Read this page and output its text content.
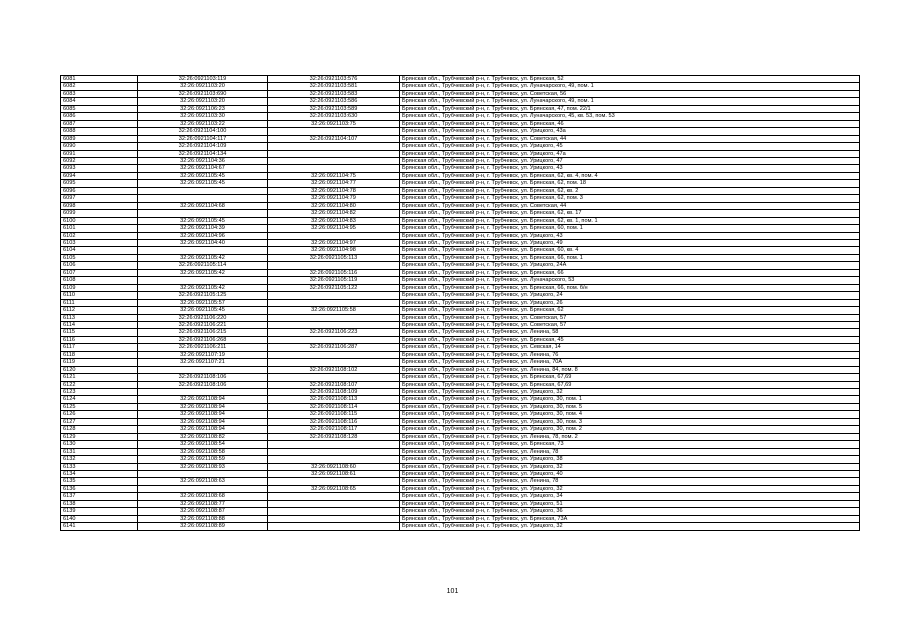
6081	32:26:0921103:119	32:26:0921103:576	Брянская обл., Трубчевский р-н, г. Трубчевск, ул. Брянская, 52
6082	32:26:0921103:20	32:26:0921103:581	Брянская обл., Трубчевский р-н, г. Трубчевск, ул. Луначарского, 49, пом. 1
6083	32:26:0921103:690	32:26:0921103:583	Брянская обл., Трубчевский р-н, г. Трубчевск, ул. Советская, 56
6084	32:26:0921103:20	32:26:0921103:586	Брянская обл., Трубчевский р-н, г. Трубчевск, ул. Луначарского, 49, пом. 1
6085	32:26:0921106:23	32:26:0921103:589	Брянская обл., Трубчевский р-н, г. Трубчевск, ул. Брянская, 47, пом. 22/1
6086	32:26:0921103:30	32:26:0921103:630	Брянская обл., Трубчевский р-н, г. Трубчевск, ул. Луначарского, 45, кв. 53, пом. 53
6087	32:26:0921103:22	32:26:0921103:75	Брянская обл., Трубчевский р-н, г. Трубчевск, ул. Брянская, 46
6088	32:26:0921104:100		Брянская обл., Трубчевский р-н, г. Трубчевск, ул. Урицкого, 43а
6089	32:26:0921104:117	32:26:0921104:107	Брянская обл., Трубчевский р-н, г. Трубчевск, ул. Советская, 44
6090	32:26:0921104:109		Брянская обл., Трубчевский р-н, г. Трубчевск, ул. Урицкого, 45
6091	32:26:0921104:134		Брянская обл., Трубчевский р-н, г. Трубчевск, ул. Урицкого, 47а
6092	32:26:0921104:36		Брянская обл., Трубчевский р-н, г. Трубчевск, ул. Урицкого, 47
6093	32:26:0921104:67		Брянская обл., Трубчевский р-н, г. Трубчевск, ул. Урицкого, 43
6094	32:26:0921105:45	32:26:0921104:75	Брянская обл., Трубчевский р-н, г. Трубчевск, ул. Брянская, 62, кв. 4, пом. 4
6095	32:26:0921105:45	32:26:0921104:77	Брянская обл., Трубчевский р-н, г. Трубчевск, ул. Брянская, 62, пом. 18
6096		32:26:0921104:78	Брянская обл., Трубчевский р-н, г. Трубчевск, ул. Брянская, 62, кв. 2
6097		32:26:0921104:79	Брянская обл., Трубчевский р-н, г. Трубчевск, ул. Брянская, 62, пом. 3
6098	32:26:0921104:68	32:26:0921104:80	Брянская обл., Трубчевский р-н, г. Трубчевск, ул. Советская, 44
6099		32:26:0921104:82	Брянская обл., Трубчевский р-н, г. Трубчевск, ул. Брянская, 62, кв. 17
6100	32:26:0921105:45	32:26:0921104:83	Брянская обл., Трубчевский р-н, г. Трубчевск, ул. Брянская, 62, кв. 1, пом. 1
6101	32:26:0921104:39	32:26:0921104:95	Брянская обл., Трубчевский р-н, г. Трубчевск, ул. Брянская, 60, пом. 1
6102	32:26:0921104:96		Брянская обл., Трубчевский р-н, г. Трубчевск, ул. Урицкого, 43
6103	32:26:0921104:40	32:26:0921104:97	Брянская обл., Трубчевский р-н, г. Трубчевск, ул. Урицкого, 49
6104		32:26:0921104:98	Брянская обл., Трубчевский р-н, г. Трубчевск, ул. Брянская, 60, кв. 4
6105	32:26:0921105:42	32:26:0921105:113	Брянская обл., Трубчевский р-н, г. Трубчевск, ул. Брянская, 66, пом. 1
6106	32:26:0921105:114		Брянская обл., Трубчевский р-н, г. Трубчевск, ул. Урицкого, 24А
6107	32:26:0921105:42	32:26:0921105:116	Брянская обл., Трубчевский р-н, г. Трубчевск, ул. Брянская, 66
6108		32:26:0921105:119	Брянская обл., Трубчевский р-н, г. Трубчевск, ул. Луначарского, 53
6109	32:26:0921105:42	32:26:0921105:122	Брянская обл., Трубчевский р-н, г. Трубчевск, ул. Брянская, 66, пом. б/н
6110	32:26:0921105:125		Брянская обл., Трубчевский р-н, г. Трубчевск, ул. Урицкого, 24
6111	32:26:0921105:57		Брянская обл., Трубчевский р-н, г. Трубчевск, ул. Урицкого, 26
6112	32:26:0921105:45	32:26:0921105:58	Брянская обл., Трубчевский р-н, г. Трубчевск, ул. Брянская, 62
6113	32:26:0921106:220		Брянская обл., Трубчевский р-н, г. Трубчевск, ул. Советская, 57
6114	32:26:0921106:221		Брянская обл., Трубчевский р-н, г. Трубчевск, ул. Советская, 57
6115	32:26:0921106:215	32:26:0921106:223	Брянская обл., Трубчевский р-н, г. Трубчевск, ул. Ленина, 58
6116	32:26:0921106:268		Брянская обл., Трубчевский р-н, г. Трубчевск, ул. Брянская, 45
6117	32:26:0921106:211	32:26:0921106:287	Брянская обл., Трубчевский р-н, г. Трубчевск, ул. Севская, 14
6118	32:26:0921107:19		Брянская обл., Трубчевский р-н, г. Трубчевск, ул. Ленина, 76
6119	32:26:0921107:21		Брянская обл., Трубчевский р-н, г. Трубчевск, ул. Ленина, 70А
6120		32:26:0921108:102	Брянская обл., Трубчевский р-н, г. Трубчевск, ул. Ленина, 84, пом. 8
6121	32:26:0921108:106		Брянская обл., Трубчевский р-н, г. Трубчевск, ул. Брянская, 67,69
6122	32:26:0921108:106	32:26:0921108:107	Брянская обл., Трубчевский р-н, г. Трубчевск, ул. Брянская, 67,69
6123		32:26:0921108:109	Брянская обл., Трубчевский р-н, г. Трубчевск, ул. Урицкого, 32
6124	32:26:0921108:94	32:26:0921108:113	Брянская обл., Трубчевский р-н, г. Трубчевск, ул. Урицкого, 30, пом. 1
6125	32:26:0921108:94	32:26:0921108:114	Брянская обл., Трубчевский р-н, г. Трубчевск, ул. Урицкого, 30, пом. 5
6126	32:26:0921108:94	32:26:0921108:115	Брянская обл., Трубчевский р-н, г. Трубчевск, ул. Урицкого, 30, пом. 4
6127	32:26:0921108:94	32:26:0921108:116	Брянская обл., Трубчевский р-н, г. Трубчевск, ул. Урицкого, 30, пом. 3
6128	32:26:0921108:94	32:26:0921108:117	Брянская обл., Трубчевский р-н, г. Трубчевск, ул. Урицкого, 30, пом. 2
6129	32:26:0921108:82	32:26:0921108:128	Брянская обл., Трубчевский р-н, г. Трубчевск, ул. Ленина, 78, пом. 2
6130	32:26:0921108:54		Брянская обл., Трубчевский р-н, г. Трубчевск, ул. Брянская, 73
6131	32:26:0921108:58		Брянская обл., Трубчевский р-н, г. Трубчевск, ул. Ленина, 78
6132	32:26:0921108:59		Брянская обл., Трубчевский р-н, г. Трубчевск, ул. Урицкого, 38
6133	32:26:0921108:93	32:26:0921108:60	Брянская обл., Трубчевский р-н, г. Трубчевск, ул. Урицкого, 32
6134		32:26:0921108:61	Брянская обл., Трубчевский р-н, г. Трубчевск, ул. Урицкого, 40
6135	32:26:0921108:63		Брянская обл., Трубчевский р-н, г. Трубчевск, ул. Ленина, 78
6136		32:26:0921108:65	Брянская обл., Трубчевский р-н, г. Трубчевск, ул. Урицкого, 32
6137	32:26:0921108:68		Брянская обл., Трубчевский р-н, г. Трубчевск, ул. Урицкого, 34
6138	32:26:0921108:77		Брянская обл., Трубчевский р-н, г. Трубчевск, ул. Урицкого, 51
6139	32:26:0921108:87		Брянская обл., Трубчевский р-н, г. Трубчевск, ул. Урицкого, 36
6140	32:26:0921108:88		Брянская обл., Трубчевский р-н, г. Трубчевск, ул. Брянская, 73А
6141	32:26:0921108:89		Брянская обл., Трубчевский р-н, г. Трубчевск, ул. Урицкого, 32
101
